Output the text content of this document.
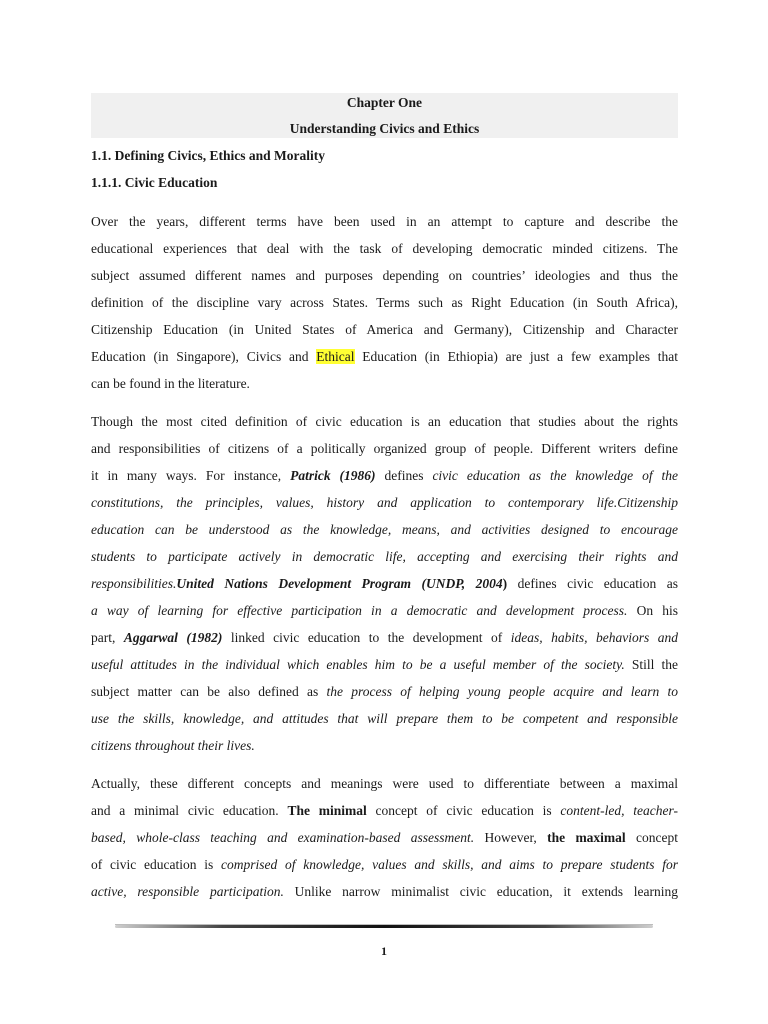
Chapter One
Understanding Civics and Ethics
1.1. Defining Civics, Ethics and Morality
1.1.1. Civic Education
Over the years, different terms have been used in an attempt to capture and describe the
educational experiences that deal with the task of developing democratic minded citizens. The
subject assumed different names and purposes depending on countries’ ideologies and thus the
definition of the discipline vary across States. Terms such as Right Education (in South Africa),
Citizenship Education (in United States of America and Germany), Citizenship and Character
Education (in Singapore), Civics and Ethical Education (in Ethiopia) are just a few examples that
can be found in the literature.
Though the most cited definition of civic education is an education that studies about the rights
and responsibilities of citizens of a politically organized group of people. Different writers define
it in many ways. For instance, Patrick (1986) defines civic education as the knowledge of the
constitutions, the principles, values, history and application to contemporary life.Citizenship
education can be understood as the knowledge, means, and activities designed to encourage
students to participate actively in democratic life, accepting and exercising their rights and
responsibilities.United Nations Development Program (UNDP, 2004) defines civic education as
a way of learning for effective participation in a democratic and development process. On his
part, Aggarwal (1982) linked civic education to the development of ideas, habits, behaviors and
useful attitudes in the individual which enables him to be a useful member of the society. Still the
subject matter can be also defined as the process of helping young people acquire and learn to
use the skills, knowledge, and attitudes that will prepare them to be competent and responsible
citizens throughout their lives.
Actually, these different concepts and meanings were used to differentiate between a maximal
and a minimal civic education. The minimal concept of civic education is content-led, teacher-
based, whole-class teaching and examination-based assessment. However, the maximal concept
of civic education is comprised of knowledge, values and skills, and aims to prepare students for
active, responsible participation. Unlike narrow minimalist civic education, it extends learning
1
